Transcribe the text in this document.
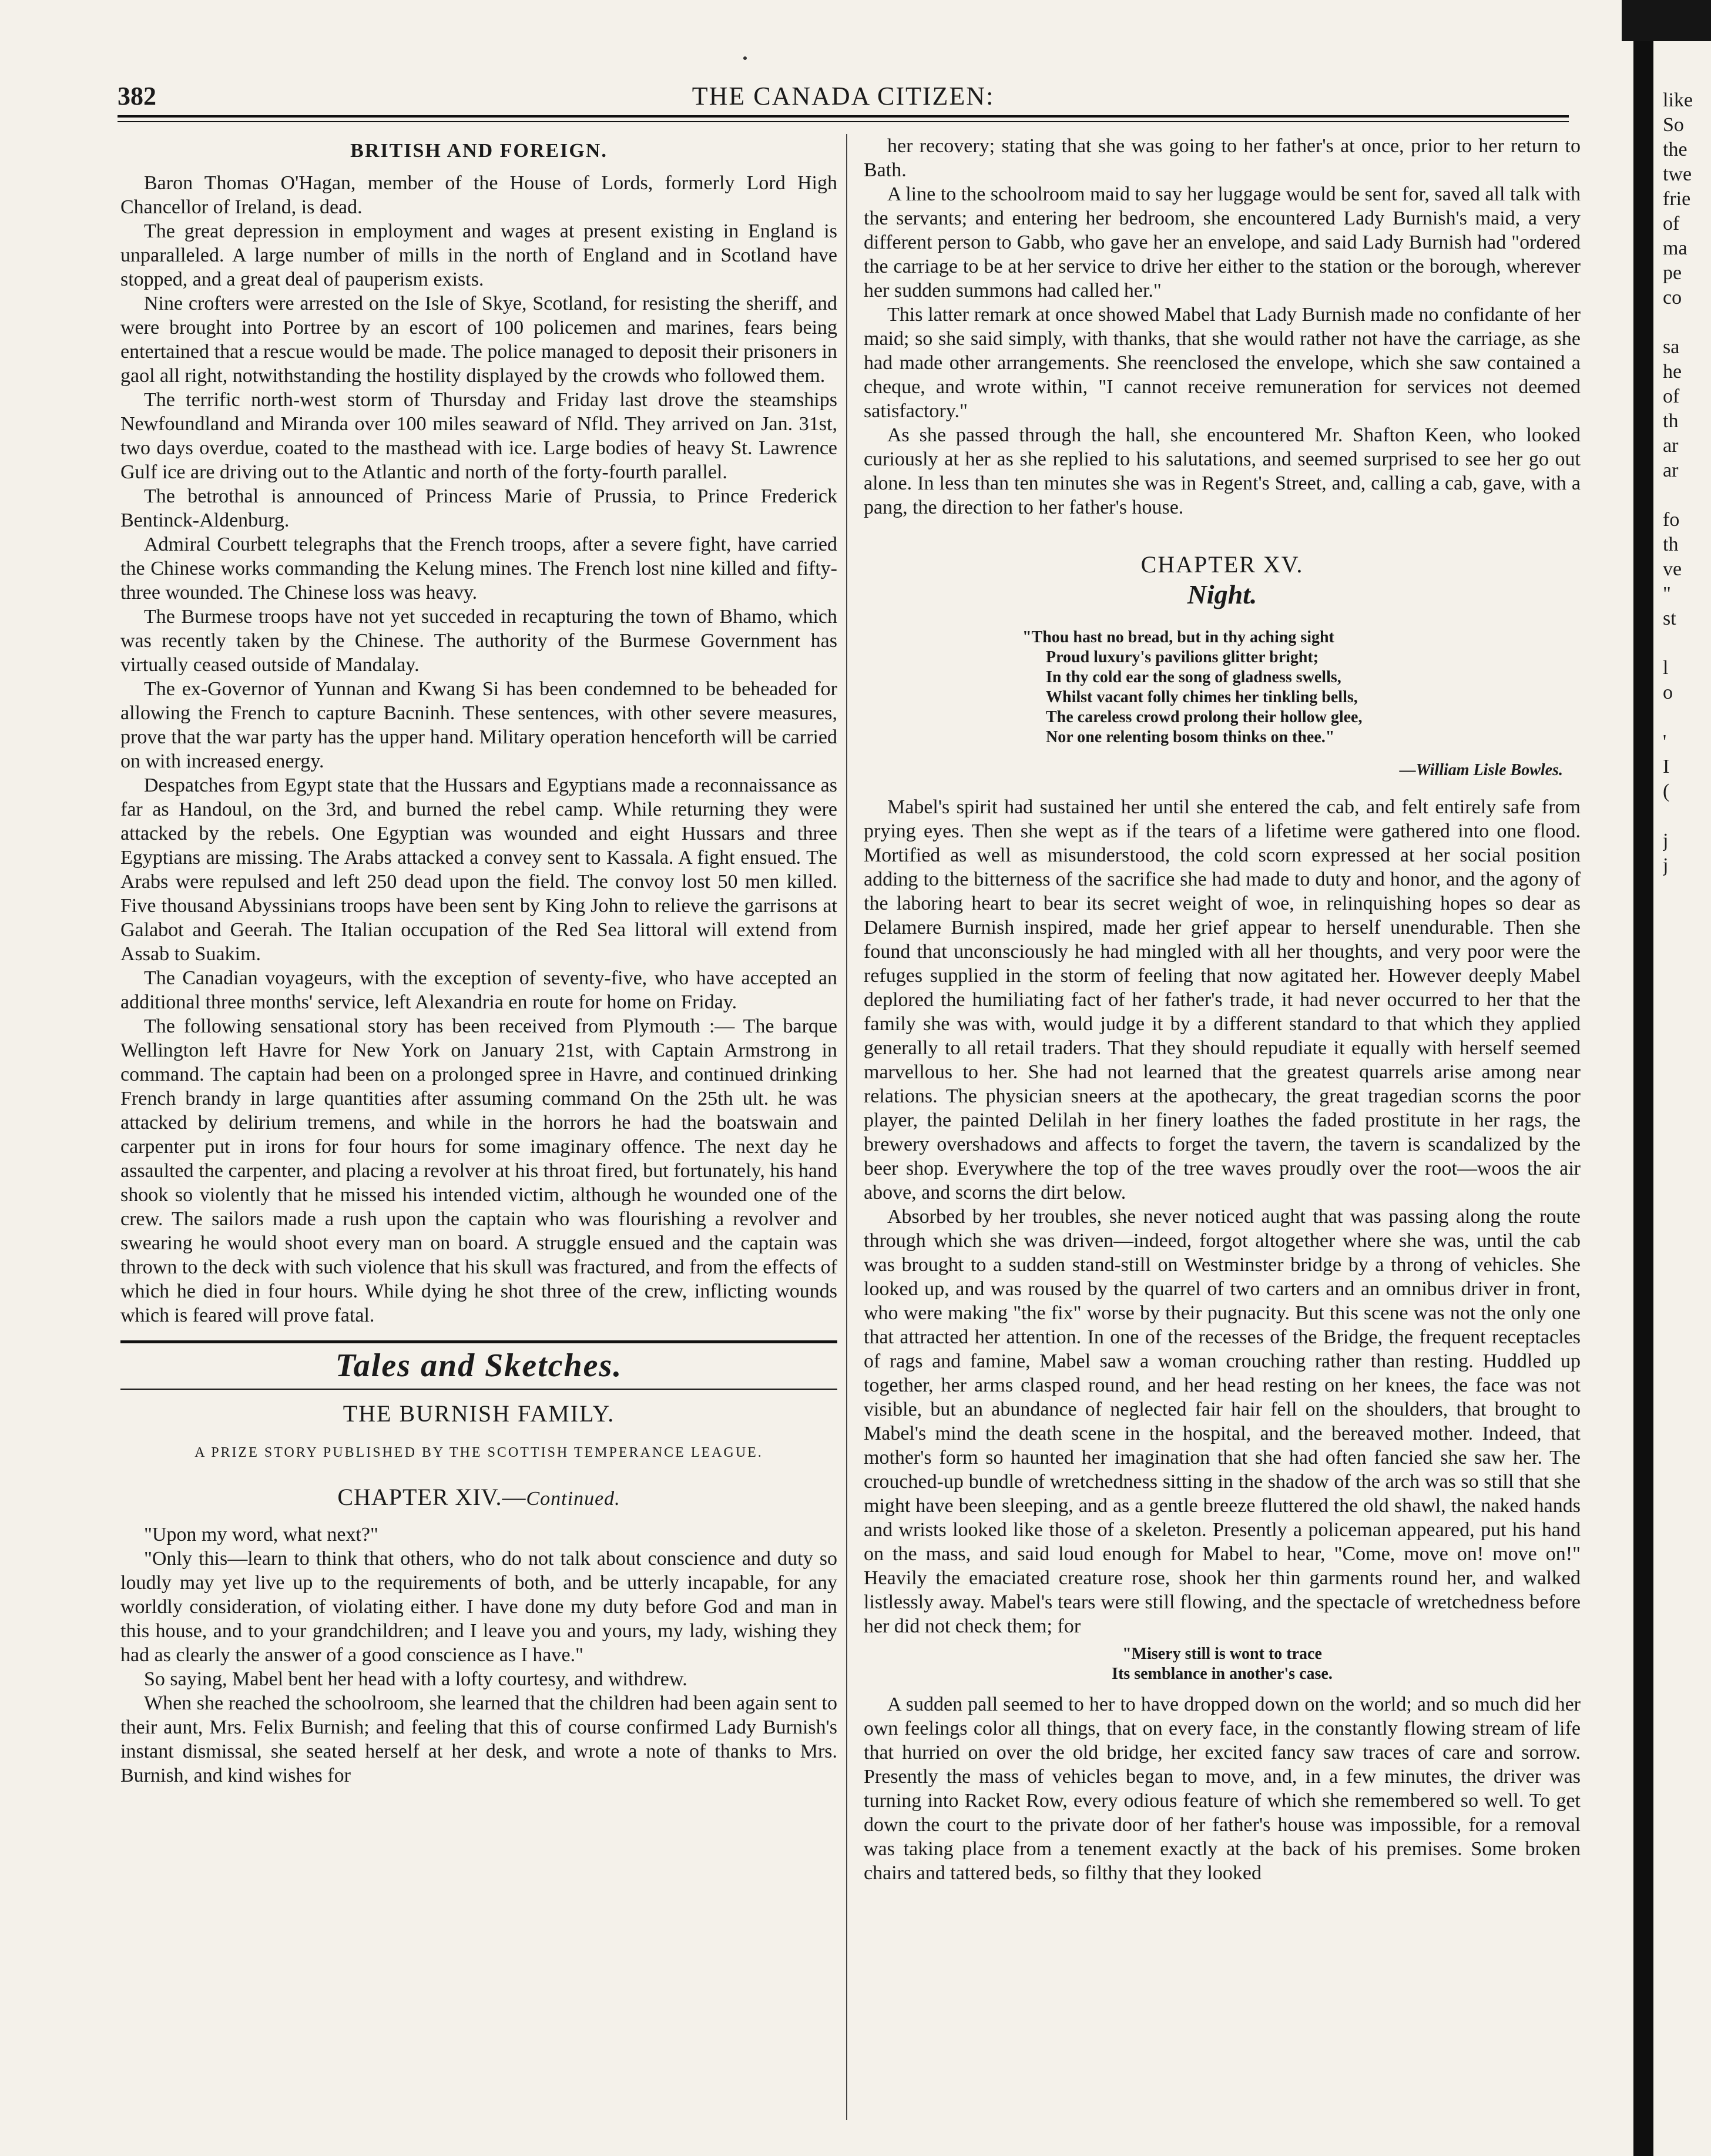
382	THE CANADA CITIZEN:
BRITISH AND FOREIGN.

Baron Thomas O'Hagan, member of the House of Lords, formerly Lord High Chancellor of Ireland, is dead.

The great depression in employment and wages at present existing in England is unparalleled. A large number of mills in the north of England and in Scotland have stopped, and a great deal of pauperism exists.

Nine crofters were arrested on the Isle of Skye, Scotland, for resisting the sheriff, and were brought into Portree by an escort of 100 policemen and marines, fears being entertained that a rescue would be made. The police managed to deposit their prisoners in gaol all right, notwithstanding the hostility displayed by the crowds who followed them.

The terrific north-west storm of Thursday and Friday last drove the steamships Newfoundland and Miranda over 100 miles seaward of Nfld. They arrived on Jan. 31st, two days overdue, coated to the masthead with ice. Large bodies of heavy St. Lawrence Gulf ice are driving out to the Atlantic and north of the forty-fourth parallel.

The betrothal is announced of Princess Marie of Prussia, to Prince Frederick Bentinck-Aldenburg.

Admiral Courbett telegraphs that the French troops, after a severe fight, have carried the Chinese works commanding the Kelung mines. The French lost nine killed and fifty-three wounded. The Chinese loss was heavy.

The Burmese troops have not yet succeded in recapturing the town of Bhamo, which was recently taken by the Chinese. The authority of the Burmese Government has virtually ceased outside of Mandalay.

The ex-Governor of Yunnan and Kwang Si has been condemned to be beheaded for allowing the French to capture Bacninh. These sentences, with other severe measures, prove that the war party has the upper hand. Military operation henceforth will be carried on with increased energy.

Despatches from Egypt state that the Hussars and Egyptians made a reconnaissance as far as Handoul, on the 3rd, and burned the rebel camp. While returning they were attacked by the rebels. One Egyptian was wounded and eight Hussars and three Egyptians are missing. The Arabs attacked a convey sent to Kassala. A fight ensued. The Arabs were repulsed and left 250 dead upon the field. The convoy lost 50 men killed. Five thousand Abyssinians troops have been sent by King John to relieve the garrisons at Galabot and Geerah. The Italian occupation of the Red Sea littoral will extend from Assab to Suakim.

The Canadian voyageurs, with the exception of seventy-five, who have accepted an additional three months' service, left Alexandria en route for home on Friday.

The following sensational story has been received from Plymouth :— The barque Wellington left Havre for New York on January 21st, with Captain Armstrong in command. The captain had been on a prolonged spree in Havre, and continued drinking French brandy in large quantities after assuming command On the 25th ult. he was attacked by delirium tremens, and while in the horrors he had the boatswain and carpenter put in irons for four hours for some imaginary offence. The next day he assaulted the carpenter, and placing a revolver at his throat fired, but fortunately, his hand shook so violently that he missed his intended victim, although he wounded one of the crew. The sailors made a rush upon the captain who was flourishing a revolver and swearing he would shoot every man on board. A struggle ensued and the captain was thrown to the deck with such violence that his skull was fractured, and from the effects of which he died in four hours. While dying he shot three of the crew, inflicting wounds which is feared will prove fatal.

Tales and Sketches.
THE BURNISH FAMILY.
A PRIZE STORY PUBLISHED BY THE SCOTTISH TEMPERANCE LEAGUE.
CHAPTER XIV.—Continued.

"Upon my word, what next?"

"Only this—learn to think that others, who do not talk about conscience and duty so loudly may yet live up to the requirements of both, and be utterly incapable, for any worldly consideration, of violating either. I have done my duty before God and man in this house, and to your grandchildren; and I leave you and yours, my lady, wishing they had as clearly the answer of a good conscience as I have."

So saying, Mabel bent her head with a lofty courtesy, and withdrew.

When she reached the schoolroom, she learned that the children had been again sent to their aunt, Mrs. Felix Burnish; and feeling that this of course confirmed Lady Burnish's instant dismissal, she seated herself at her desk, and wrote a note of thanks to Mrs. Burnish, and kind wishes for

her recovery; stating that she was going to her father's at once, prior to her return to Bath.

A line to the schoolroom maid to say her luggage would be sent for, saved all talk with the servants; and entering her bedroom, she encountered Lady Burnish's maid, a very different person to Gabb, who gave her an envelope, and said Lady Burnish had "ordered the carriage to be at her service to drive her either to the station or the borough, wherever her sudden summons had called her."

This latter remark at once showed Mabel that Lady Burnish made no confidante of her maid; so she said simply, with thanks, that she would rather not have the carriage, as she had made other arrangements. She reenclosed the envelope, which she saw contained a cheque, and wrote within, "I cannot receive remuneration for services not deemed satisfactory."

As she passed through the hall, she encountered Mr. Shafton Keen, who looked curiously at her as she replied to his salutations, and seemed surprised to see her go out alone. In less than ten minutes she was in Regent's Street, and, calling a cab, gave, with a pang, the direction to her father's house.

CHAPTER XV.
Night.
"Thou hast no bread, but in thy aching sight
Proud luxury's pavilions glitter bright;
In thy cold ear the song of gladness swells,
Whilst vacant folly chimes her tinkling bells,
The careless crowd prolong their hollow glee,
Nor one relenting bosom thinks on thee."
—William Lisle Bowles.

Mabel's spirit had sustained her until she entered the cab, and felt entirely safe from prying eyes. Then she wept as if the tears of a lifetime were gathered into one flood. Mortified as well as misunderstood, the cold scorn expressed at her social position adding to the bitterness of the sacrifice she had made to duty and honor, and the agony of the laboring heart to bear its secret weight of woe, in relinquishing hopes so dear as Delamere Burnish inspired, made her grief appear to herself unendurable. Then she found that unconsciously he had mingled with all her thoughts, and very poor were the refuges supplied in the storm of feeling that now agitated her. However deeply Mabel deplored the humiliating fact of her father's trade, it had never occurred to her that the family she was with, would judge it by a different standard to that which they applied generally to all retail traders. That they should repudiate it equally with herself seemed marvellous to her. She had not learned that the greatest quarrels arise among near relations. The physician sneers at the apothecary, the great tragedian scorns the poor player, the painted Delilah in her finery loathes the faded prostitute in her rags, the brewery overshadows and affects to forget the tavern, the tavern is scandalized by the beer shop. Everywhere the top of the tree waves proudly over the root—woos the air above, and scorns the dirt below.

Absorbed by her troubles, she never noticed aught that was passing along the route through which she was driven—indeed, forgot altogether where she was, until the cab was brought to a sudden stand-still on Westminster bridge by a throng of vehicles. She looked up, and was roused by the quarrel of two carters and an omnibus driver in front, who were making "the fix" worse by their pugnacity. But this scene was not the only one that attracted her attention. In one of the recesses of the Bridge, the frequent receptacles of rags and famine, Mabel saw a woman crouching rather than resting. Huddled up together, her arms clasped round, and her head resting on her knees, the face was not visible, but an abundance of neglected fair hair fell on the shoulders, that brought to Mabel's mind the death scene in the hospital, and the bereaved mother. Indeed, that mother's form so haunted her imagination that she had often fancied she saw her. The crouched-up bundle of wretchedness sitting in the shadow of the arch was so still that she might have been sleeping, and as a gentle breeze fluttered the old shawl, the naked hands and wrists looked like those of a skeleton. Presently a policeman appeared, put his hand on the mass, and said loud enough for Mabel to hear, "Come, move on! move on!" Heavily the emaciated creature rose, shook her thin garments round her, and walked listlessly away. Mabel's tears were still flowing, and the spectacle of wretchedness before her did not check them; for

"Misery still is wont to trace
Its semblance in another's case.

A sudden pall seemed to her to have dropped down on the world; and so much did her own feelings color all things, that on every face, in the constantly flowing stream of life that hurried on over the old bridge, her excited fancy saw traces of care and sorrow. Presently the mass of vehicles began to move, and, in a few minutes, the driver was turning into Racket Row, every odious feature of which she remembered so well. To get down the court to the private door of her father's house was impossible, for a removal was taking place from a tenement exactly at the back of his premises. Some broken chairs and tattered beds, so filthy that they looked

like
So
the
twe
frie
of
ma
pe
co
sa
he
of
th
ar
ar
fo
th
ve
"
st
l
o
'
I
(
j
j
